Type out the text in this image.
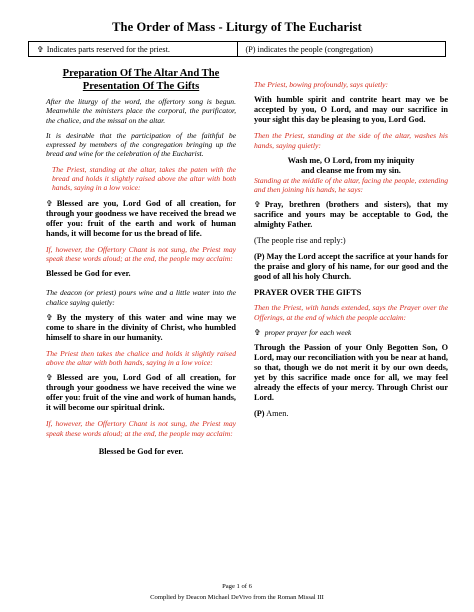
The Order of Mass - Liturgy of The Eucharist
✞ Indicates parts reserved for the priest.	(P) indicates the people (congregation)
Preparation Of The Altar And The Presentation Of The Gifts

After the liturgy of the word, the offertory song is begun. Meanwhile the ministers place the corporal, the purificator, the chalice, and the missal on the altar.

It is desirable that the participation of the faithful be expressed by members of the congregation bringing up the bread and wine for the celebration of the Eucharist.

The Priest, standing at the altar, takes the paten with the bread and holds it slightly raised above the altar with both hands, saying in a low voice:

✞ Blessed are you, Lord God of all creation, for through your goodness we have received the bread we offer you: fruit of the earth and work of human hands, it will become for us the bread of life.

If, however, the Offertory Chant is not sung, the Priest may speak these words aloud; at the end, the people may acclaim:

Blessed be God for ever.

The deacon (or priest) pours wine and a little water into the chalice saying quietly:

✞ By the mystery of this water and wine may we come to share in the divinity of Christ, who humbled himself to share in our humanity.

The Priest then takes the chalice and holds it slightly raised above the altar with both hands, saying in a low voice:

✞ Blessed are you, Lord God of all creation, for through your goodness we have received the wine we offer you: fruit of the vine and work of human hands, it will become our spiritual drink.

If, however, the Offertory Chant is not sung, the Priest may speak these words aloud; at the end, the people may acclaim:

Blessed be God for ever.

The Priest, bowing profoundly, says quietly:

With humble spirit and contrite heart may we be accepted by you, O Lord, and may our sacrifice in your sight this day be pleasing to you, Lord God.

Then the Priest, standing at the side of the altar, washes his hands, saying quietly:

Wash me, O Lord, from my iniquity

and cleanse me from my sin.

Standing at the middle of the altar, facing the people, extending and then joining his hands, he says:

✞ Pray, brethren (brothers and sisters), that my sacrifice and yours may be acceptable to God, the almighty Father.

(The people rise and reply:)

(P) May the Lord accept the sacrifice at your hands for the praise and glory of his name, for our good and the good of all his holy Church.

PRAYER OVER THE GIFTS

Then the Priest, with hands extended, says the Prayer over the Offerings, at the end of which the people acclaim:

✞ proper prayer for each week

Through the Passion of your Only Begotten Son, O Lord, may our reconciliation with you be near at hand, so that, though we do not merit it by our own deeds, yet by this sacrifice made once for all, we may feel already the effects of your mercy. Through Christ our Lord.

(P) Amen.

Page 1 of 6
Complied by Deacon Michael DeVivo from the Roman Missal III
